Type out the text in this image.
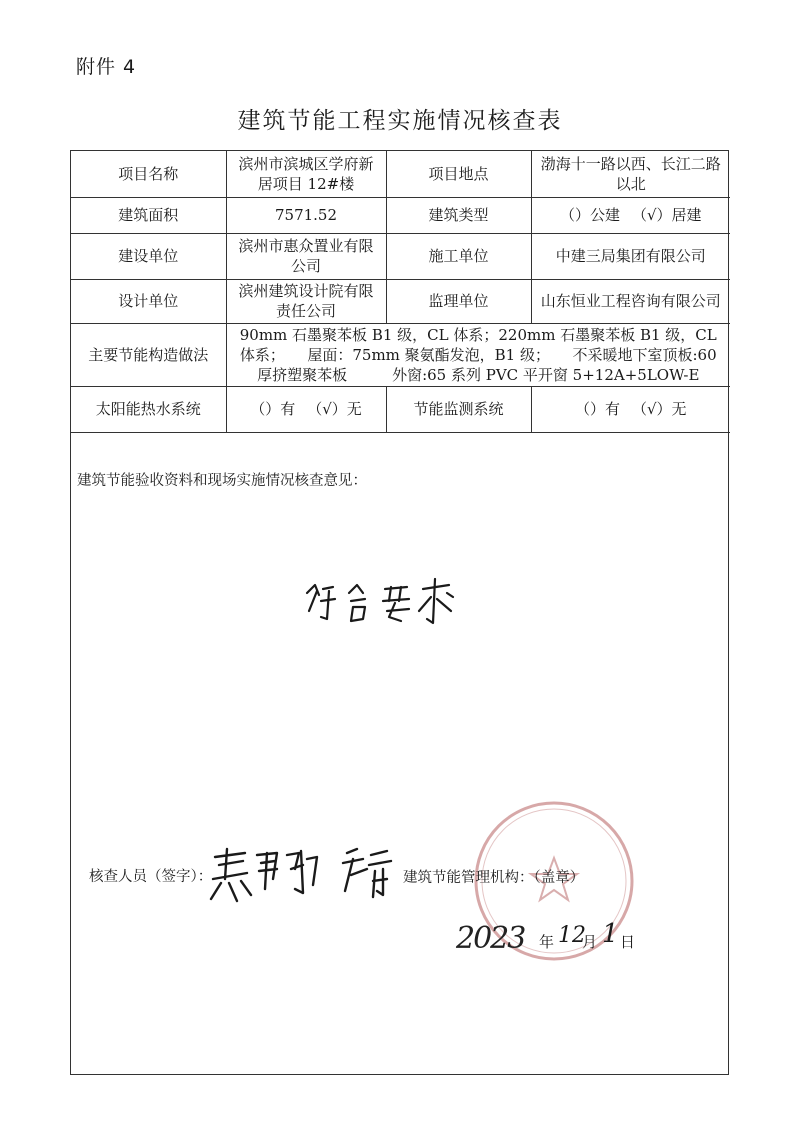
附件 4
建筑节能工程实施情况核查表
项目名称	滨州市滨城区学府新居项目 12#楼	项目地点	渤海十一路以西、长江二路以北
建筑面积	7571.52	建筑类型	（）公建 （√）居建
建设单位	滨州市惠众置业有限公司	施工单位	中建三局集团有限公司
设计单位	滨州建筑设计院有限责任公司	监理单位	山东恒业工程咨询有限公司
主要节能构造做法	90mm 石墨聚苯板 B1 级，CL 体系；220mm 石墨聚苯板 B1 级，CL 体系；　　屋面：75mm 聚氨酯发泡，B1 级；　　不采暖地下室顶板:60 厚挤塑聚苯板　　　外窗:65 系列 PVC 平开窗 5+12A+5LOW-E		
太阳能热水系统	（）有 （√）无	节能监测系统	（）有 （√）无
建筑节能验收资料和现场实施情况核查意见：
核查人员（签字）：	建筑节能管理机构：（盖章）
2023 年 12
月 1 日
